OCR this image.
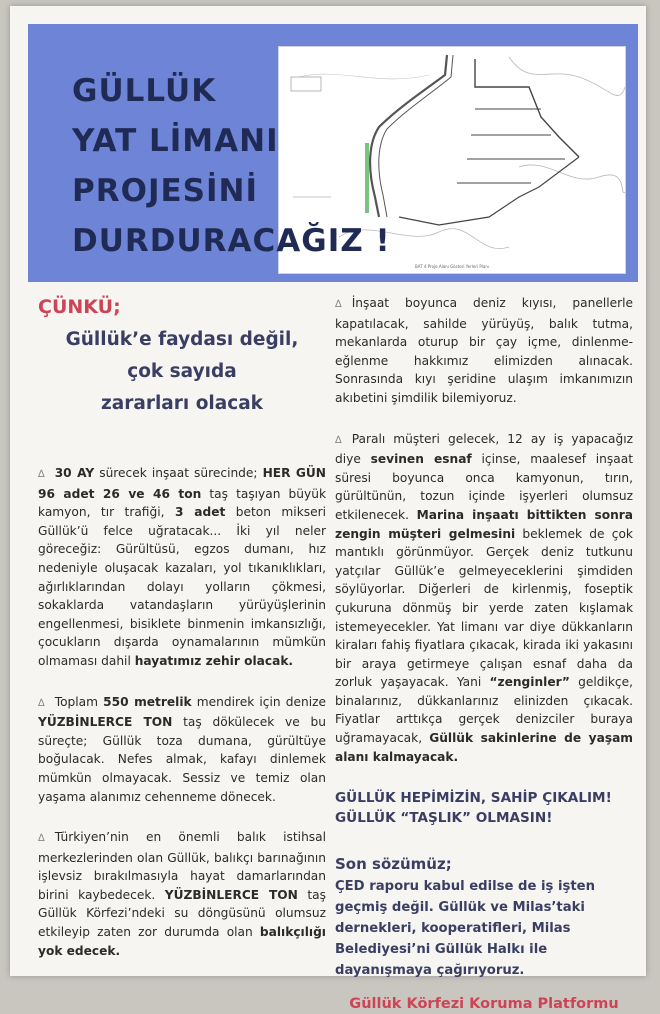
GÜLLÜK
YAT LİMANI
PROJESİNİ
DURDURACAĞIZ !
BAT 4 Proje Alanı Gösteri Yerleri Planı
ÇÜNKÜ;
Güllük’e faydası değil,
çok sayıda
zararları olacak

∆ 30 AY sürecek inşaat sürecinde; HER GÜN 96 adet 26 ve 46 ton taş taşıyan büyük kamyon, tır trafiği, 3 adet beton mikseri Güllük’ü felce uğratacak... İki yıl neler göreceğiz: Gürültüsü, egzos dumanı, hız nedeniyle oluşacak kazaları, yol tıkanıklıkları, ağırlıklarından dolayı yolların çökmesi, sokaklarda vatandaşların yürüyüşlerinin engellenmesi, bisiklete binmenin imkansızlığı, çocukların dışarda oynamalarının mümkün olmaması dahil hayatımız zehir olacak.

∆ Toplam 550 metrelik mendirek için denize YÜZBİNLERCE TON taş dökülecek ve bu süreçte; Güllük toza dumana, gürültüye boğulacak. Nefes almak, kafayı dinlemek mümkün olmayacak. Sessiz ve temiz olan yaşama alanımız cehenneme dönecek.

∆ Türkiyen’nin en önemli balık istihsal merkezlerinden olan Güllük, balıkçı barınağının işlevsiz bırakılmasıyla hayat damarlarından birini kaybedecek. YÜZBİNLERCE TON taş Güllük Körfezi’ndeki su döngüsünü olumsuz etkileyip zaten zor durumda olan balıkçılığı yok edecek.

∆ İnşaat boyunca deniz kıyısı, panellerle kapatılacak, sahilde yürüyüş, balık tutma, mekanlarda oturup bir çay içme, dinlenme-eğlenme hakkımız elimizden alınacak. Sonrasında kıyı şeridine ulaşım imkanımızın akıbetini şimdilik bilemiyoruz.

∆ Paralı müşteri gelecek, 12 ay iş yapacağız diye sevinen esnaf içinse, maalesef inşaat süresi boyunca onca kamyonun, tırın, gürültünün, tozun içinde işyerleri olumsuz etkilenecek. Marina inşaatı bittikten sonra zengin müşteri gelmesini beklemek de çok mantıklı görünmüyor. Gerçek deniz tutkunu yatçılar Güllük’e gelmeyeceklerini şimdiden söylüyorlar. Diğerleri de kirlenmiş, foseptik çukuruna dönmüş bir yerde zaten kışlamak istemeyecekler. Yat limanı var diye dükkanların kiraları fahiş fiyatlara çıkacak, kirada iki yakasını bir araya getirmeye çalışan esnaf daha da zorluk yaşayacak. Yani “zenginler” geldikçe, binalarınız, dükkanlarınız elinizden çıkacak. Fiyatlar arttıkça gerçek denizciler buraya uğramayacak, Güllük sakinlerine de yaşam alanı kalmayacak.

GÜLLÜK HEPİMİZİN, SAHİP ÇIKALIM!
GÜLLÜK “TAŞLIK” OLMASIN!

Son sözümüz;

ÇED raporu kabul edilse de iş işten geçmiş değil. Güllük ve Milas’taki dernekleri, kooperatifleri, Milas Belediyesi’ni Güllük Halkı ile dayanışmaya çağırıyoruz.

Güllük Körfezi Koruma Platformu
